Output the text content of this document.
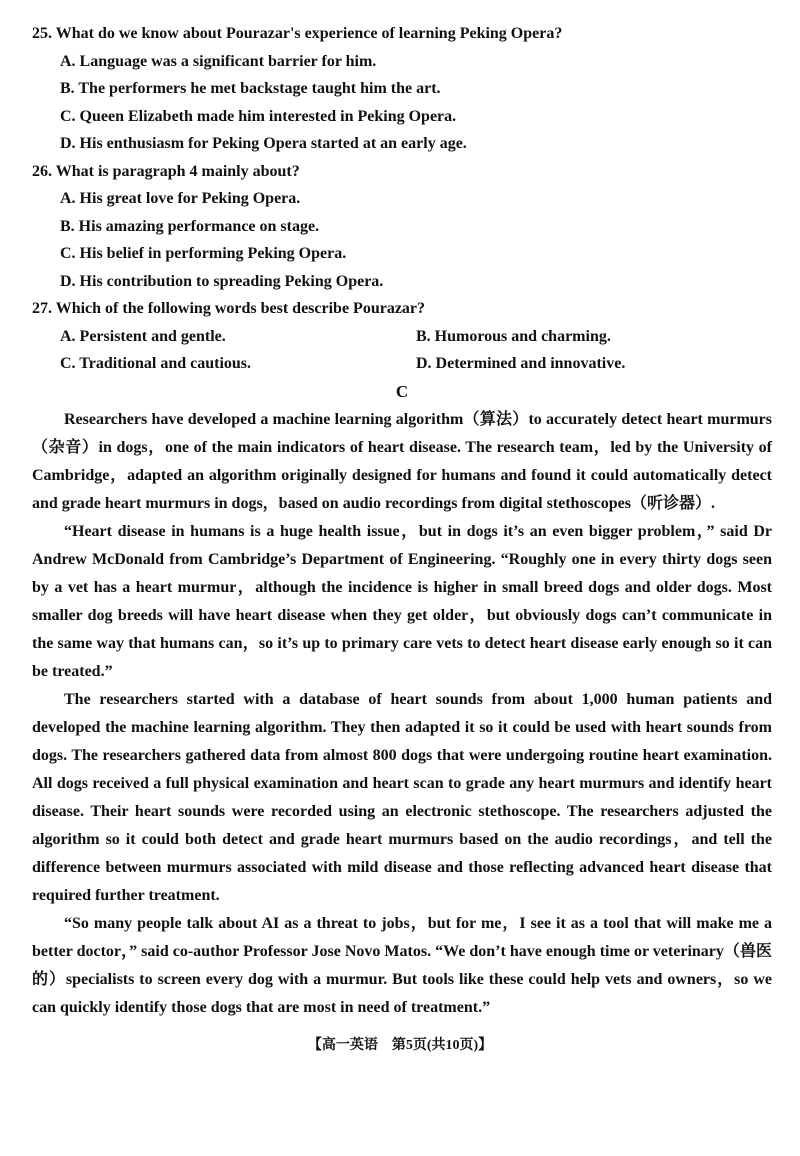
25. What do we know about Pourazar's experience of learning Peking Opera?
A. Language was a significant barrier for him.
B. The performers he met backstage taught him the art.
C. Queen Elizabeth made him interested in Peking Opera.
D. His enthusiasm for Peking Opera started at an early age.
26. What is paragraph 4 mainly about?
A. His great love for Peking Opera.
B. His amazing performance on stage.
C. His belief in performing Peking Opera.
D. His contribution to spreading Peking Opera.
27. Which of the following words best describe Pourazar?
A. Persistent and gentle.	B. Humorous and charming.
C. Traditional and cautious.	D. Determined and innovative.
C

Researchers have developed a machine learning algorithm（算法）to accurately detect heart murmurs（杂音）in dogs，one of the main indicators of heart disease. The research team，led by the University of Cambridge，adapted an algorithm originally designed for humans and found it could automatically detect and grade heart murmurs in dogs，based on audio recordings from digital stethoscopes（听诊器）.

“Heart disease in humans is a huge health issue，but in dogs it’s an even bigger problem，” said Dr Andrew McDonald from Cambridge’s Department of Engineering. “Roughly one in every thirty dogs seen by a vet has a heart murmur，although the incidence is higher in small breed dogs and older dogs. Most smaller dog breeds will have heart disease when they get older，but obviously dogs can’t communicate in the same way that humans can，so it’s up to primary care vets to detect heart disease early enough so it can be treated.”

The researchers started with a database of heart sounds from about 1,000 human patients and developed the machine learning algorithm. They then adapted it so it could be used with heart sounds from dogs. The researchers gathered data from almost 800 dogs that were undergoing routine heart examination. All dogs received a full physical examination and heart scan to grade any heart murmurs and identify heart disease. Their heart sounds were recorded using an electronic stethoscope. The researchers adjusted the algorithm so it could both detect and grade heart murmurs based on the audio recordings，and tell the difference between murmurs associated with mild disease and those reflecting advanced heart disease that required further treatment.

“So many people talk about AI as a threat to jobs，but for me，I see it as a tool that will make me a better doctor，” said co-author Professor Jose Novo Matos. “We don’t have enough time or veterinary（兽医的）specialists to screen every dog with a murmur. But tools like these could help vets and owners，so we can quickly identify those dogs that are most in need of treatment.”

【高一英语　第5页(共10页)】
